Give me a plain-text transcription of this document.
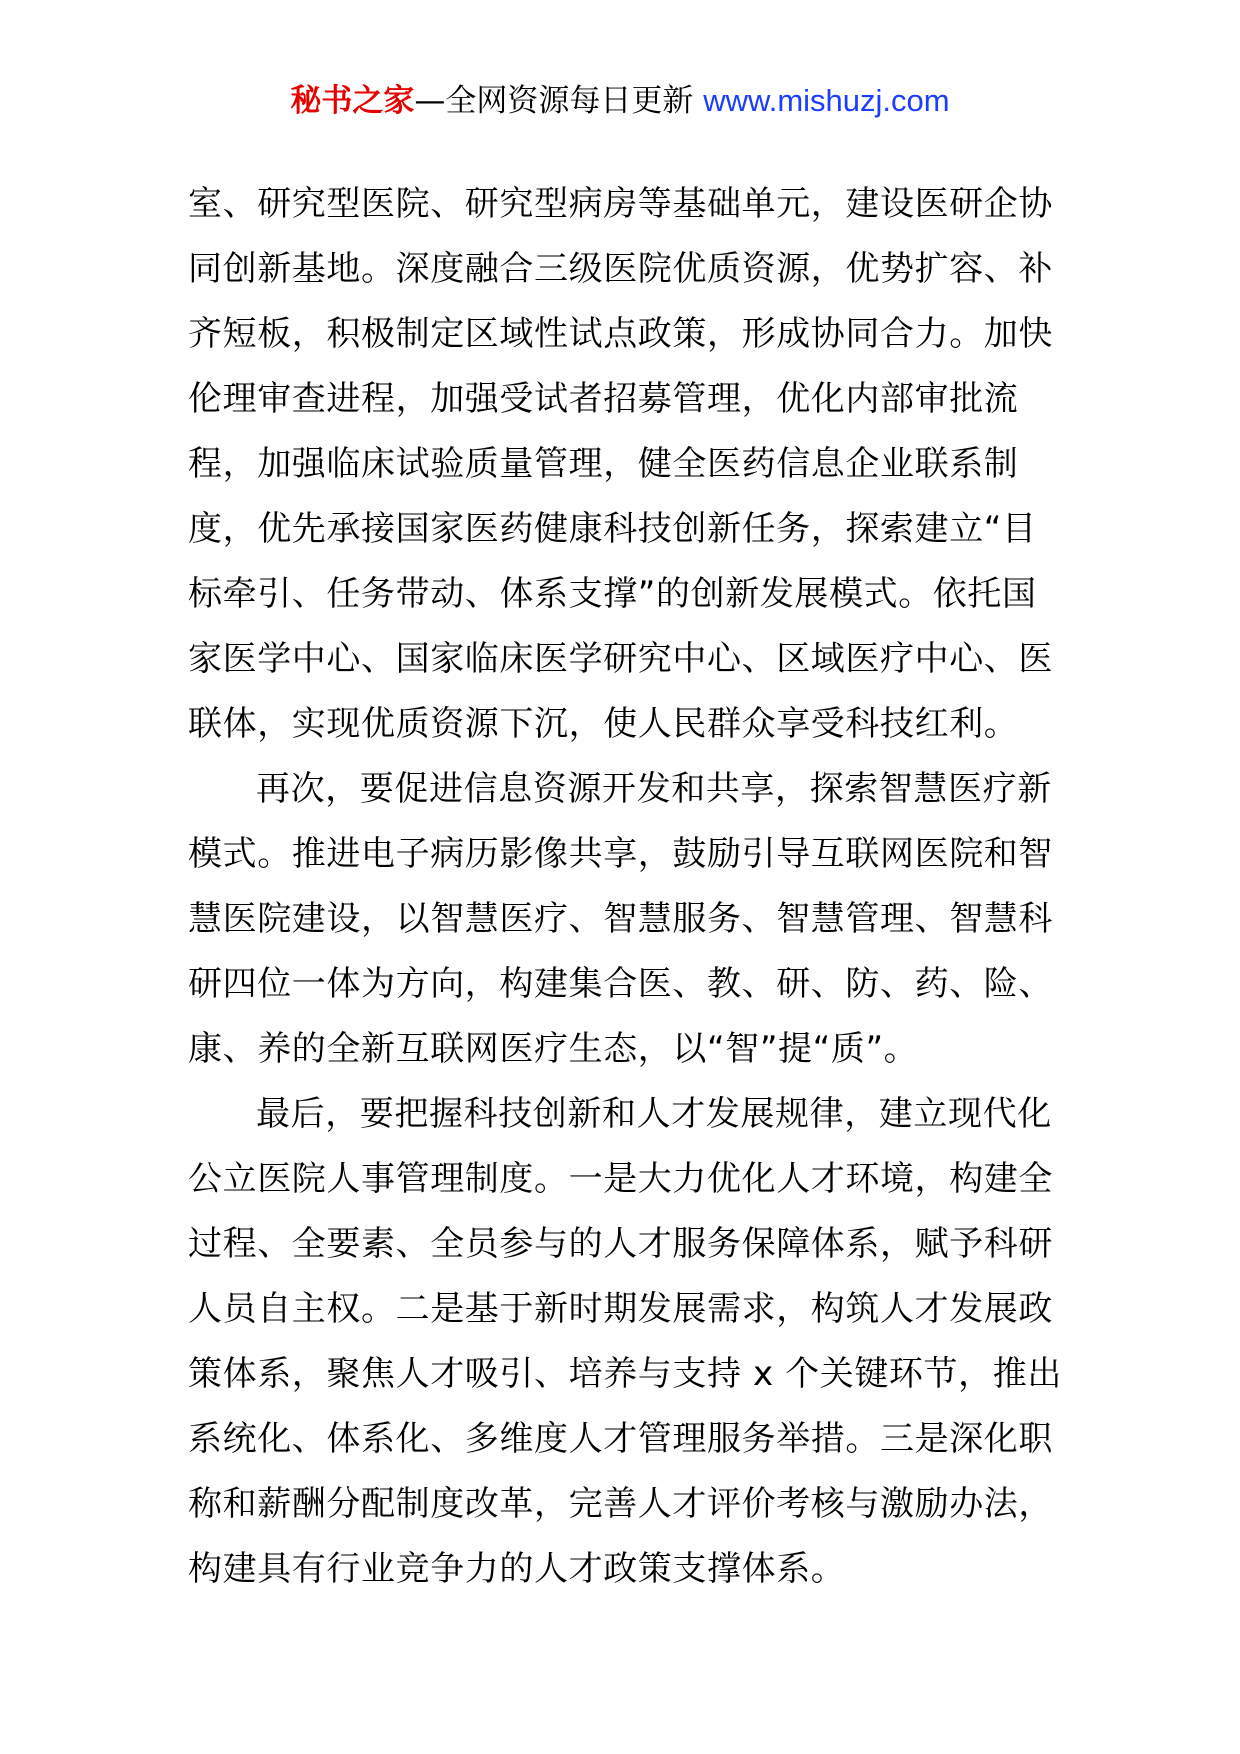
秘书之家—全网资源每日更新 www.mishuzj.com
室、研究型医院、研究型病房等基础单元，建设医研企协
同创新基地。深度融合三级医院优质资源，优势扩容、补
齐短板，积极制定区域性试点政策，形成协同合力。加快
伦理审查进程，加强受试者招募管理，优化内部审批流
程，加强临床试验质量管理，健全医药信息企业联系制
度，优先承接国家医药健康科技创新任务，探索建立“目
标牵引、任务带动、体系支撑”的创新发展模式。依托国
家医学中心、国家临床医学研究中心、区域医疗中心、医
联体，实现优质资源下沉，使人民群众享受科技红利。
再次，要促进信息资源开发和共享，探索智慧医疗新
模式。推进电子病历影像共享，鼓励引导互联网医院和智
慧医院建设，以智慧医疗、智慧服务、智慧管理、智慧科
研四位一体为方向，构建集合医、教、研、防、药、险、
康、养的全新互联网医疗生态，以“智”提“质”。
最后，要把握科技创新和人才发展规律，建立现代化
公立医院人事管理制度。一是大力优化人才环境，构建全
过程、全要素、全员参与的人才服务保障体系，赋予科研
人员自主权。二是基于新时期发展需求，构筑人才发展政
策体系，聚焦人才吸引、培养与支持 x 个关键环节，推出
系统化、体系化、多维度人才管理服务举措。三是深化职
称和薪酬分配制度改革，完善人才评价考核与激励办法，
构建具有行业竞争力的人才政策支撑体系。
